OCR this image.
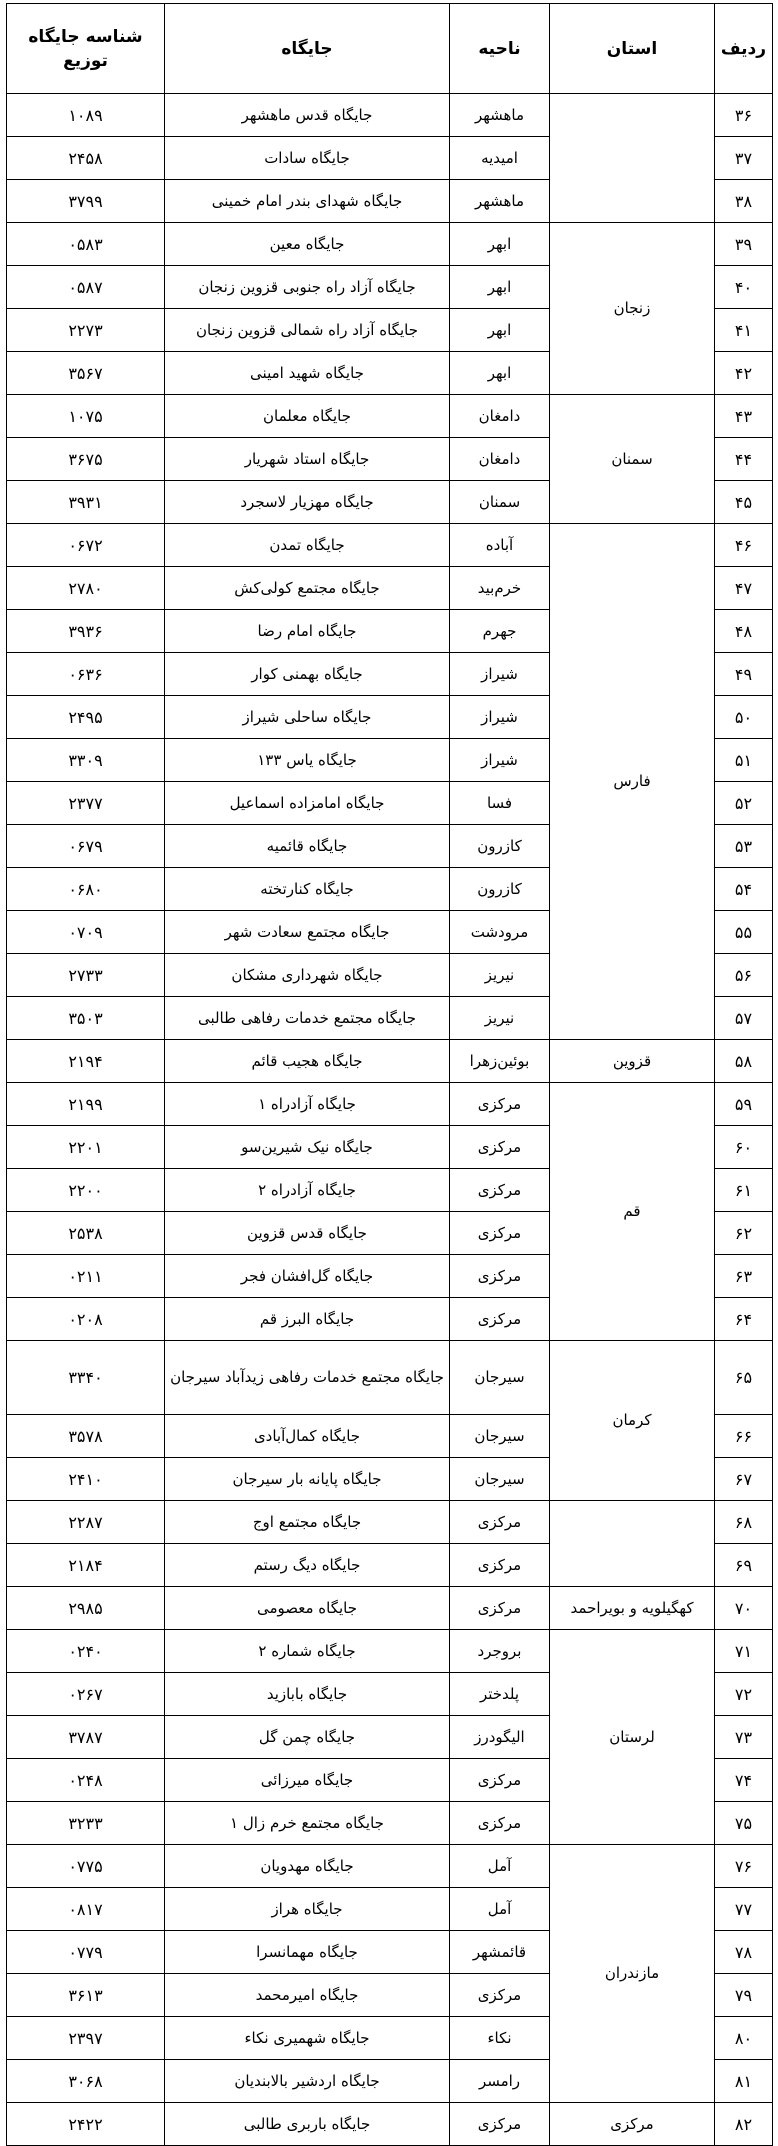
ردیف	استان	ناحیه	جایگاه	شناسه جایگاه توزیع
۳۶		ماهشهر	جایگاه قدس ماهشهر	۱۰۸۹
۳۷		امیدیه	جایگاه سادات	۲۴۵۸
۳۸		ماهشهر	جایگاه شهدای بندر امام خمینی	۳۷۹۹
۳۹	زنجان	ابهر	جایگاه معین	۰۵۸۳
۴۰		ابهر	جایگاه آزاد راه جنوبی قزوین زنجان	۰۵۸۷
۴۱		ابهر	جایگاه آزاد راه شمالی قزوین زنجان	۲۲۷۳
۴۲		ابهر	جایگاه شهید امینی	۳۵۶۷
۴۳	سمنان	دامغان	جایگاه معلمان	۱۰۷۵
۴۴		دامغان	جایگاه استاد شهریار	۳۶۷۵
۴۵		سمنان	جایگاه مهزیار لاسجرد	۳۹۳۱
۴۶	فارس	آباده	جایگاه تمدن	۰۶۷۲
۴۷		خرم‌بید	جایگاه مجتمع کولی‌کش	۲۷۸۰
۴۸		جهرم	جایگاه امام رضا	۳۹۳۶
۴۹		شیراز	جایگاه بهمنی کوار	۰۶۳۶
۵۰		شیراز	جایگاه ساحلی شیراز	۲۴۹۵
۵۱		شیراز	جایگاه یاس ۱۳۳	۳۳۰۹
۵۲		فسا	جایگاه امامزاده اسماعیل	۲۳۷۷
۵۳		کازرون	جایگاه قائمیه	۰۶۷۹
۵۴		کازرون	جایگاه کنارتخته	۰۶۸۰
۵۵		مرودشت	جایگاه مجتمع سعادت شهر	۰۷۰۹
۵۶		نیریز	جایگاه شهرداری مشکان	۲۷۳۳
۵۷		نیریز	جایگاه مجتمع خدمات رفاهی طالبی	۳۵۰۳
۵۸	قزوین	بوئین‌زهرا	جایگاه هجیب قائم	۲۱۹۴
۵۹	قم	مرکزی	جایگاه آزادراه ۱	۲۱۹۹
۶۰		مرکزی	جایگاه نیک شیرین‌سو	۲۲۰۱
۶۱		مرکزی	جایگاه آزادراه ۲	۲۲۰۰
۶۲		مرکزی	جایگاه قدس قزوین	۲۵۳۸
۶۳		مرکزی	جایگاه گل‌افشان فجر	۰۲۱۱
۶۴		مرکزی	جایگاه البرز قم	۰۲۰۸
۶۵	کرمان	سیرجان	جایگاه مجتمع خدمات رفاهی زیدآباد سیرجان	۳۳۴۰
۶۶		سیرجان	جایگاه کمال‌آبادی	۳۵۷۸
۶۷		سیرجان	جایگاه پایانه بار سیرجان	۲۴۱۰
۶۸		مرکزی	جایگاه مجتمع اوج	۲۲۸۷
۶۹		مرکزی	جایگاه دیگ رستم	۲۱۸۴
۷۰	کهگیلویه و بویراحمد	مرکزی	جایگاه معصومی	۲۹۸۵
۷۱	لرستان	بروجرد	جایگاه شماره ۲	۰۲۴۰
۷۲		پلدختر	جایگاه بابازید	۰۲۶۷
۷۳		الیگودرز	جایگاه چمن گل	۳۷۸۷
۷۴		مرکزی	جایگاه میرزائی	۰۲۴۸
۷۵		مرکزی	جایگاه مجتمع خرم زال ۱	۳۲۳۳
۷۶	مازندران	آمل	جایگاه مهدویان	۰۷۷۵
۷۷		آمل	جایگاه هراز	۰۸۱۷
۷۸		قائمشهر	جایگاه مهمانسرا	۰۷۷۹
۷۹		مرکزی	جایگاه امیرمحمد	۳۶۱۳
۸۰		نکاء	جایگاه شهمیری نکاء	۲۳۹۷
۸۱		رامسر	جایگاه اردشیر بالابندیان	۳۰۶۸
۸۲	مرکزی	مرکزی	جایگاه باربری طالبی	۲۴۲۲
